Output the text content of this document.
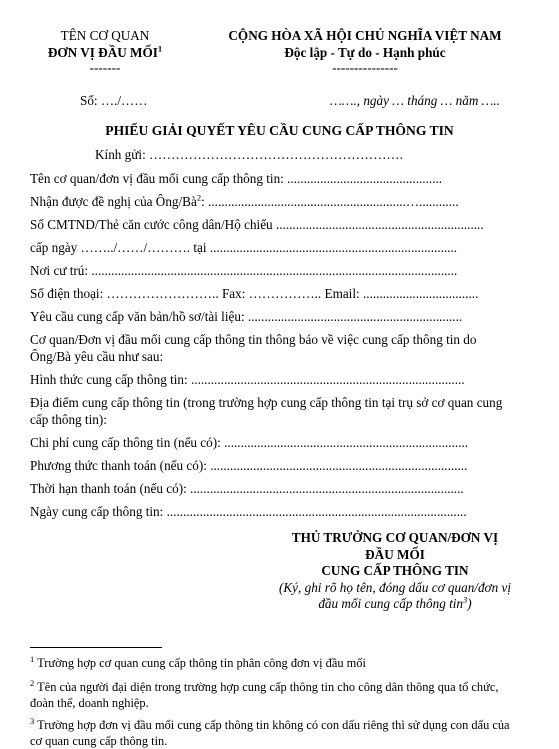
TÊN CƠ QUAN
ĐƠN VỊ ĐẦU MỐI$^1$
-------
CỘNG HÒA XÃ HỘI CHỦ NGHĨA VIỆT NAM
Độc lập - Tự do - Hạnh phúc
---------------
Số: …./……	……., ngày … tháng … năm …..
PHIẾU GIẢI QUYẾT YÊU CẦU CUNG CẤP THÔNG TIN
Kính gửi: ………………………………………………….
Tên cơ quan/đơn vị đầu mối cung cấp thông tin: ...............................................
Nhận được đề nghị của Ông/$Bà^2$: ............................................................…............
Số CMTND/Thẻ căn cước công dân/Hộ chiếu ...............................................................
cấp ngày ……../……/………. tại ...........................................................................
Nơi cư trú: ...............................................................................................................
Số điện thoại: …………………….. Fax: …………….. Email: ...................................
Yêu cầu cung cấp văn bản/hồ sơ/tài liệu: .................................................................
Cơ quan/Đơn vị đầu mối cung cấp thông tin thông báo về việc cung cấp thông tin do Ông/Bà yêu cầu như sau:
Hình thức cung cấp thông tin: ...................................................................................
Địa điểm cung cấp thông tin (trong trường hợp cung cấp thông tin tại trụ sở cơ quan cung cấp thông tin):
Chi phí cung cấp thông tin (nếu có): ..........................................................................
Phương thức thanh toán (nếu có): ..............................................................................
Thời hạn thanh toán (nếu có): ...................................................................................
Ngày cung cấp thông tin: ...........................................................................................
THỦ TRƯỞNG CƠ QUAN/ĐƠN VỊ
ĐẦU MỐI
CUNG CẤP THÔNG TIN
(Ký, ghi rõ họ tên, đóng dấu cơ quan/đơn vị đầu mối cung cấp thông tin$^3$)
$^1$ Trường hợp cơ quan cung cấp thông tin phân công đơn vị đầu mối
$^2$ Tên của người đại diện trong trường hợp cung cấp thông tin cho công dân thông qua tổ chức, đoàn thể, doanh nghiệp.
$^3$ Trường hợp đơn vị đầu mối cung cấp thông tin không có con dấu riêng thì sử dụng con dấu của cơ quan cung cấp thông tin.
